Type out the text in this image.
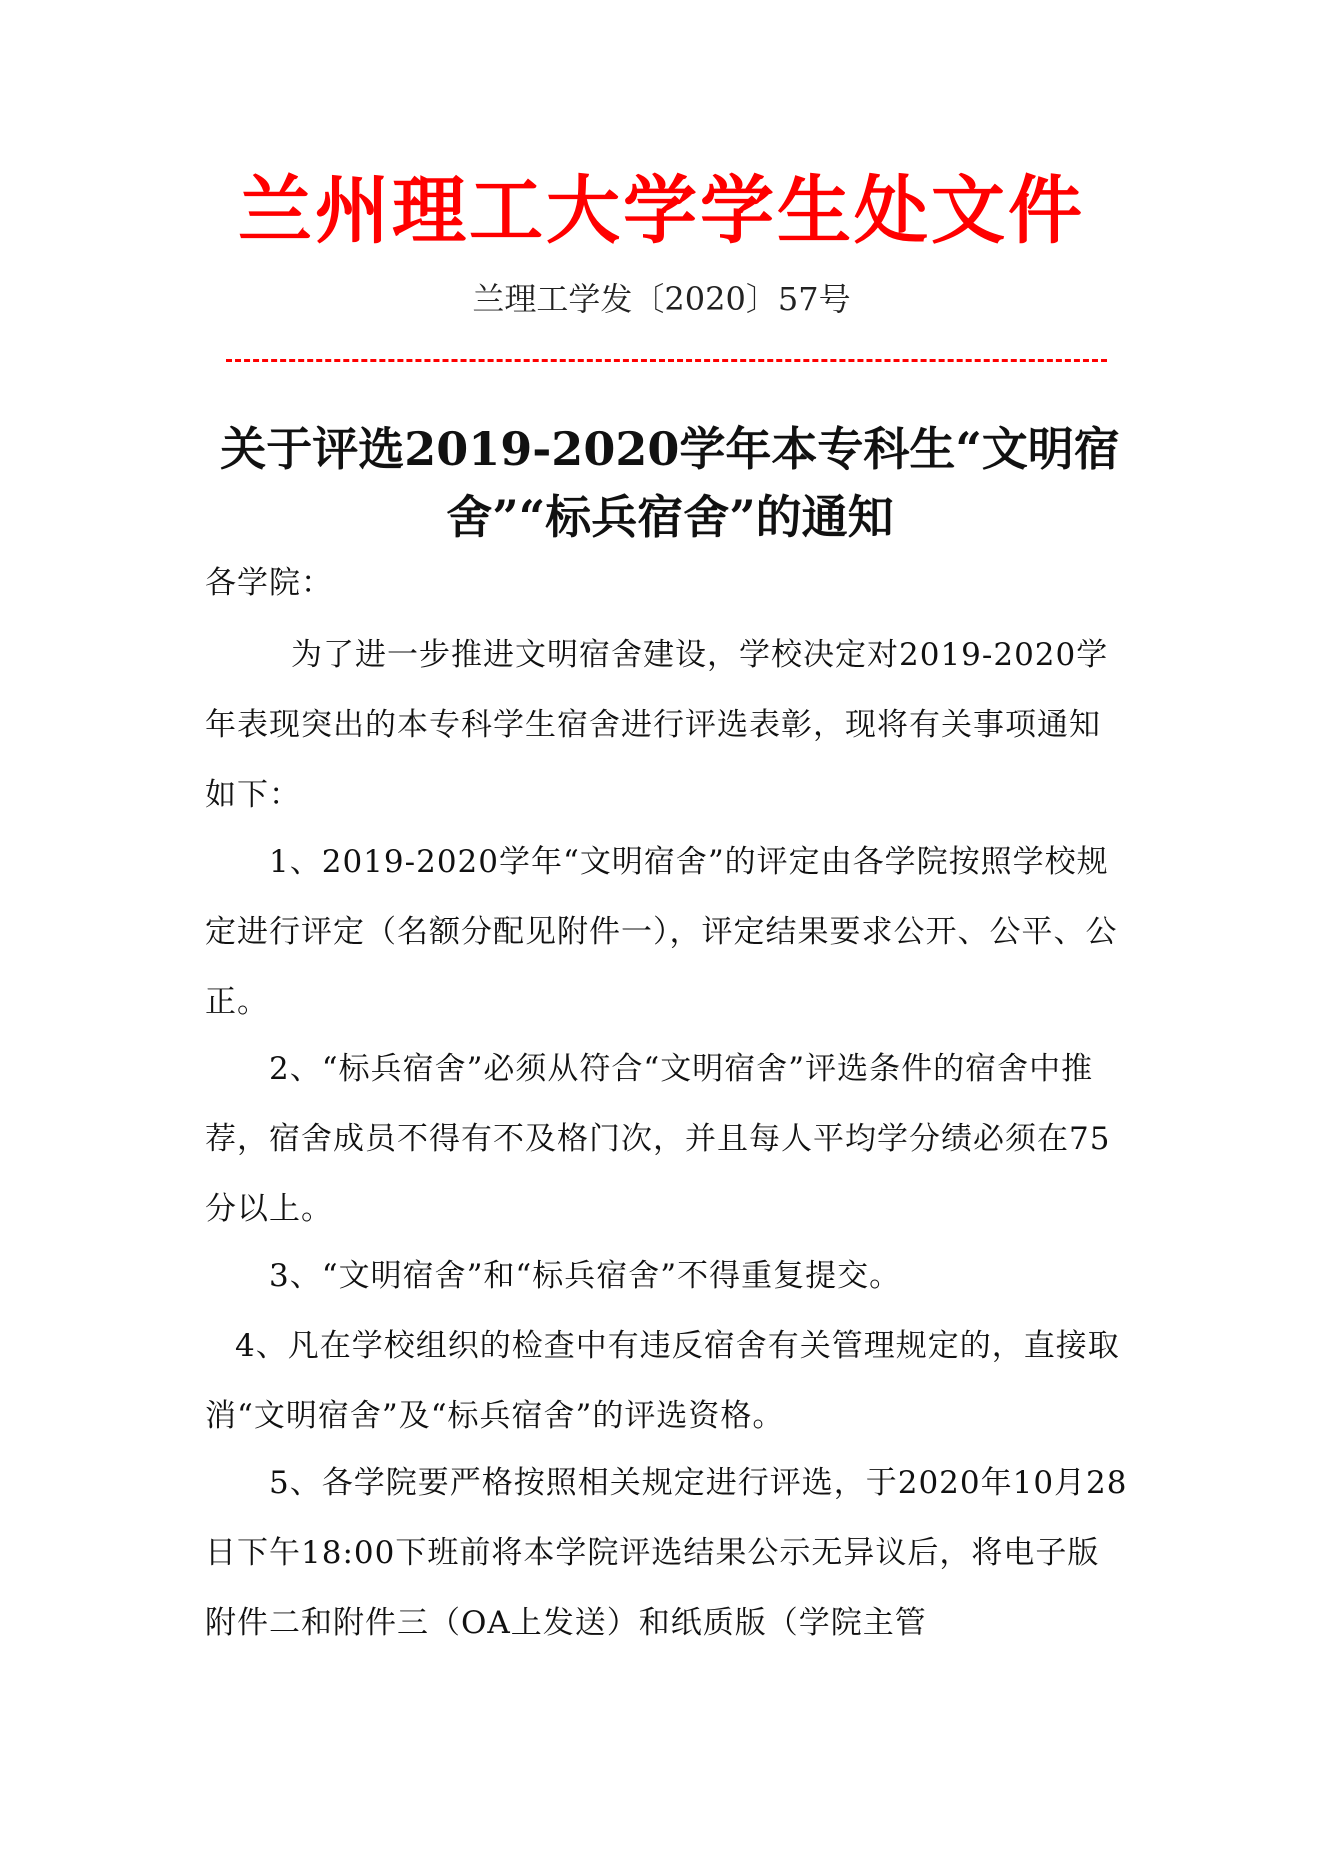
兰州理工大学学生处文件
兰理工学发〔2020〕57号
关于评选2019-2020学年本专科生“文明宿舍”“标兵宿舍”的通知
各学院：
为了进一步推进文明宿舍建设，学校决定对2019-2020学年表现突出的本专科学生宿舍进行评选表彰，现将有关事项通知如下：
1、2019-2020学年“文明宿舍”的评定由各学院按照学校规定进行评定（名额分配见附件一），评定结果要求公开、公平、公正。
2、“标兵宿舍”必须从符合“文明宿舍”评选条件的宿舍中推荐，宿舍成员不得有不及格门次，并且每人平均学分绩必须在75分以上。
3、“文明宿舍”和“标兵宿舍”不得重复提交。
4、凡在学校组织的检查中有违反宿舍有关管理规定的，直接取消“文明宿舍”及“标兵宿舍”的评选资格。
5、各学院要严格按照相关规定进行评选，于2020年10月28日下午18:00下班前将本学院评选结果公示无异议后，将电子版附件二和附件三（OA上发送）和纸质版（学院主管
